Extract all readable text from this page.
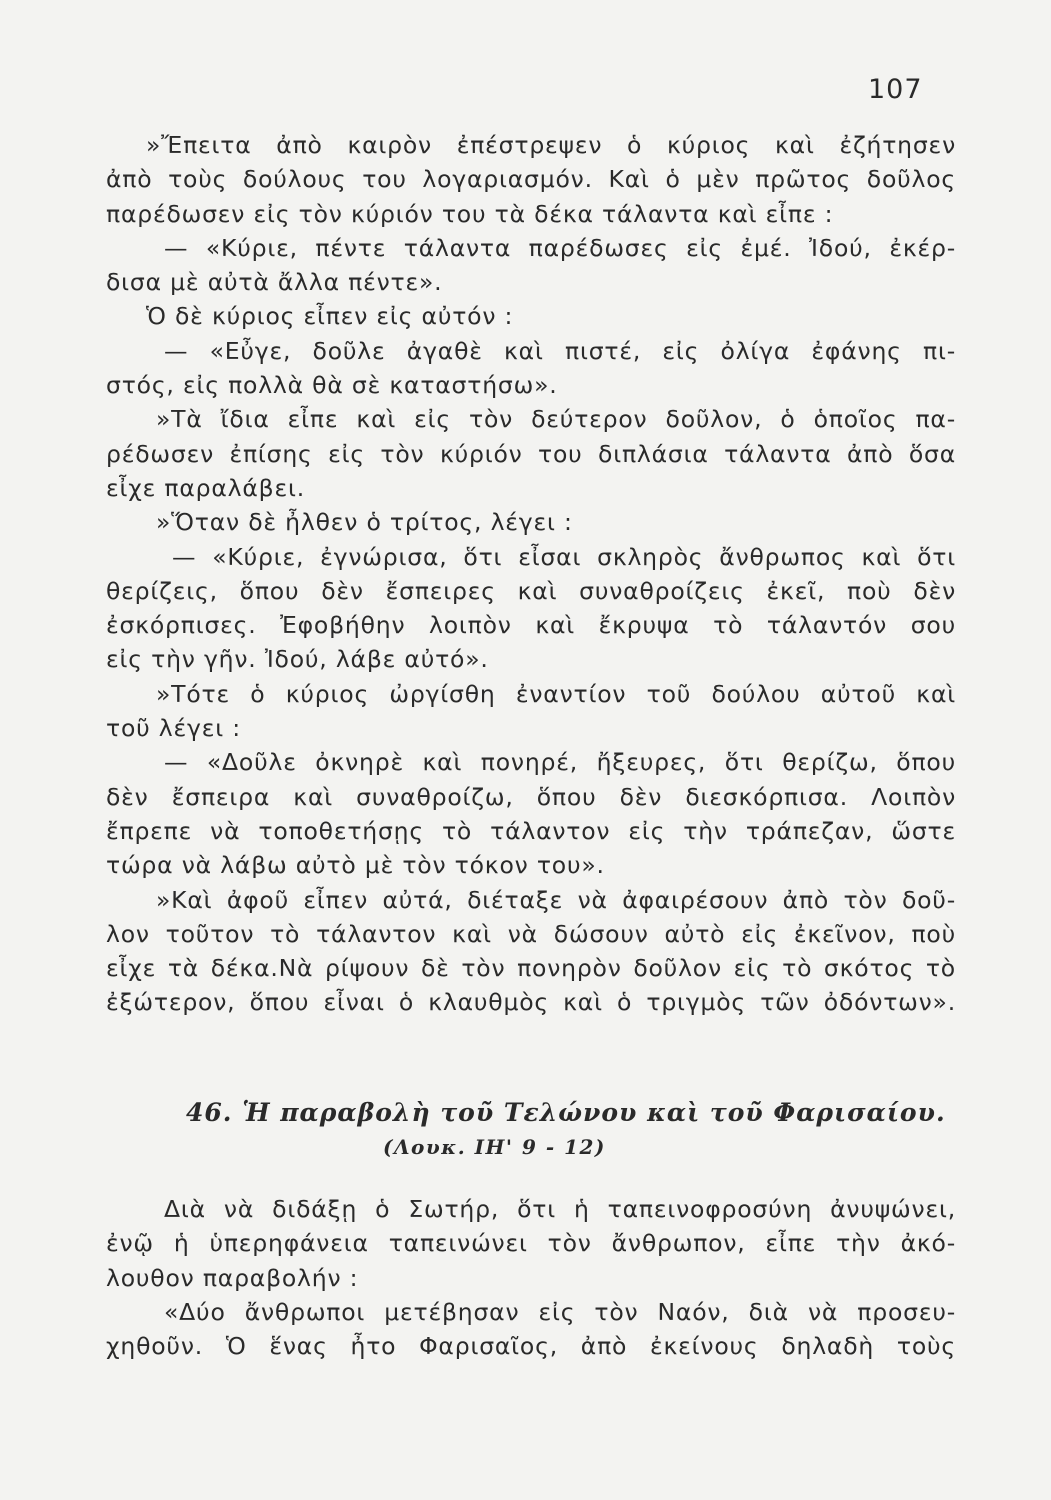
107
»Ἔπειτα ἀπὸ καιρὸν ἐπέστρεψεν ὁ κύριος καὶ ἐζήτησεν
ἀπὸ τοὺς δούλους του λογαριασμόν. Καὶ ὁ μὲν πρῶτος δοῦλος
παρέδωσεν εἰς τὸν κύριόν του τὰ δέκα τάλαντα καὶ εἶπε :
— «Κύριε, πέντε τάλαντα παρέδωσες εἰς ἐμέ. Ἰδού, ἐκέρ-
δισα μὲ αὐτὰ ἄλλα πέντε».
Ὁ δὲ κύριος εἶπεν εἰς αὐτόν :
— «Εὖγε, δοῦλε ἀγαθὲ καὶ πιστέ, εἰς ὀλίγα ἐφάνης πι-
στός, εἰς πολλὰ θὰ σὲ καταστήσω».
»Τὰ ἴδια εἶπε καὶ εἰς τὸν δεύτερον δοῦλον, ὁ ὁποῖος πα-
ρέδωσεν ἐπίσης εἰς τὸν κύριόν του διπλάσια τάλαντα ἀπὸ ὅσα
εἶχε παραλάβει.
»Ὅταν δὲ ἦλθεν ὁ τρίτος, λέγει :
— «Κύριε, ἐγνώρισα, ὅτι εἶσαι σκληρὸς ἄνθρωπος καὶ ὅτι
θερίζεις, ὅπου δὲν ἔσπειρες καὶ συναθροίζεις ἐκεῖ, ποὺ δὲν
ἐσκόρπισες. Ἐφοβήθην λοιπὸν καὶ ἔκρυψα τὸ τάλαντόν σου
εἰς τὴν γῆν. Ἰδού, λάβε αὐτό».
»Τότε ὁ κύριος ὠργίσθη ἐναντίον τοῦ δούλου αὐτοῦ καὶ
τοῦ λέγει :
— «Δοῦλε ὀκνηρὲ καὶ πονηρέ, ἤξευρες, ὅτι θερίζω, ὅπου
δὲν ἔσπειρα καὶ συναθροίζω, ὅπου δὲν διεσκόρπισα. Λοιπὸν
ἔπρεπε νὰ τοποθετήσῃς τὸ τάλαντον εἰς τὴν τράπεζαν, ὥστε
τώρα νὰ λάβω αὐτὸ μὲ τὸν τόκον του».
»Καὶ ἀφοῦ εἶπεν αὐτά, διέταξε νὰ ἀφαιρέσουν ἀπὸ τὸν δοῦ-
λον τοῦτον τὸ τάλαντον καὶ νὰ δώσουν αὐτὸ εἰς ἐκεῖνον, ποὺ
εἶχε τὰ δέκα.Νὰ ρίψουν δὲ τὸν πονηρὸν δοῦλον εἰς τὸ σκότος τὸ
ἐξώτερον, ὅπου εἶναι ὁ κλαυθμὸς καὶ ὁ τριγμὸς τῶν ὀδόντων».
46. Ἡ παραβολὴ τοῦ Τελώνου καὶ τοῦ Φαρισαίου.
(Λουκ. ΙΗ' 9 - 12)
Διὰ νὰ διδάξῃ ὁ Σωτήρ, ὅτι ἡ ταπεινοφροσύνη ἀνυψώνει,
ἐνῷ ἡ ὑπερηφάνεια ταπεινώνει τὸν ἄνθρωπον, εἶπε τὴν ἀκό-
λουθον παραβολήν :
«Δύο ἄνθρωποι μετέβησαν εἰς τὸν Ναόν, διὰ νὰ προσευ-
χηθοῦν. Ὁ ἕνας ἦτο Φαρισαῖος, ἀπὸ ἐκείνους δηλαδὴ τοὺς
